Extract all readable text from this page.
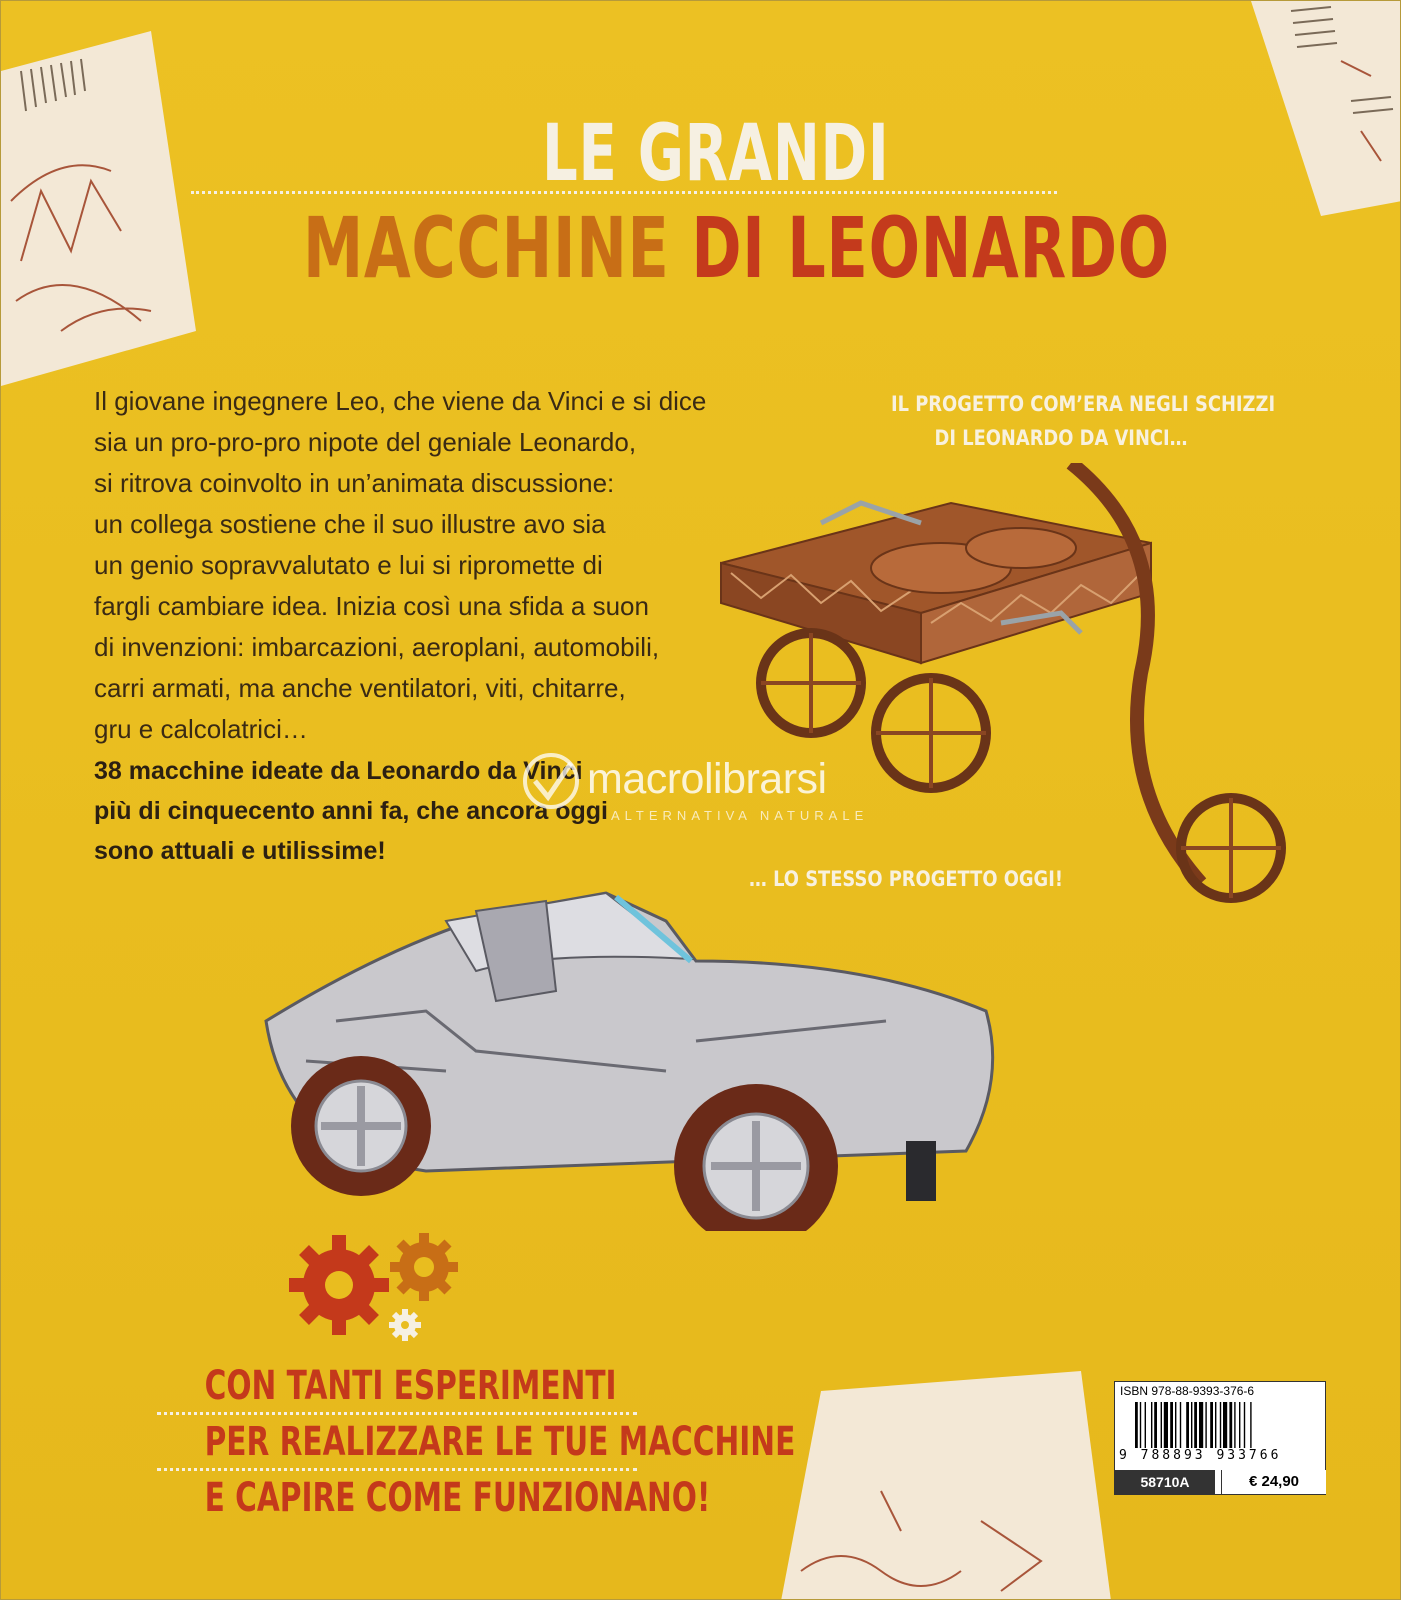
LE GRANDI
MACCHINE DI LEONARDO

Il giovane ingegnere Leo, che viene da Vinci e si dice
sia un pro-pro-pro nipote del geniale Leonardo,
si ritrova coinvolto in un’animata discussione:
un collega sostiene che il suo illustre avo sia
un genio sopravvalutato e lui si ripromette di
fargli cambiare idea. Inizia così una sfida a suon
di invenzioni: imbarcazioni, aeroplani, automobili,
carri armati, ma anche ventilatori, viti, chitarre,
gru e calcolatrici…

38 macchine ideate da Leonardo da Vinci
più di cinquecento anni fa, che ancora oggi
sono attuali e utilissime!
IL PROGETTO COM’ERA NEGLI SCHIZZI
DI LEONARDO DA VINCI…
… LO STESSO PROGETTO OGGI!
CON TANTI ESPERIMENTI
PER REALIZZARE LE TUE MACCHINE
E CAPIRE COME FUNZIONANO!
macrolibrarsi
ALTERNATIVA NATURALE
ISBN 978-88-9393-376-6
9 788893 933766
58710A	€ 24,90
